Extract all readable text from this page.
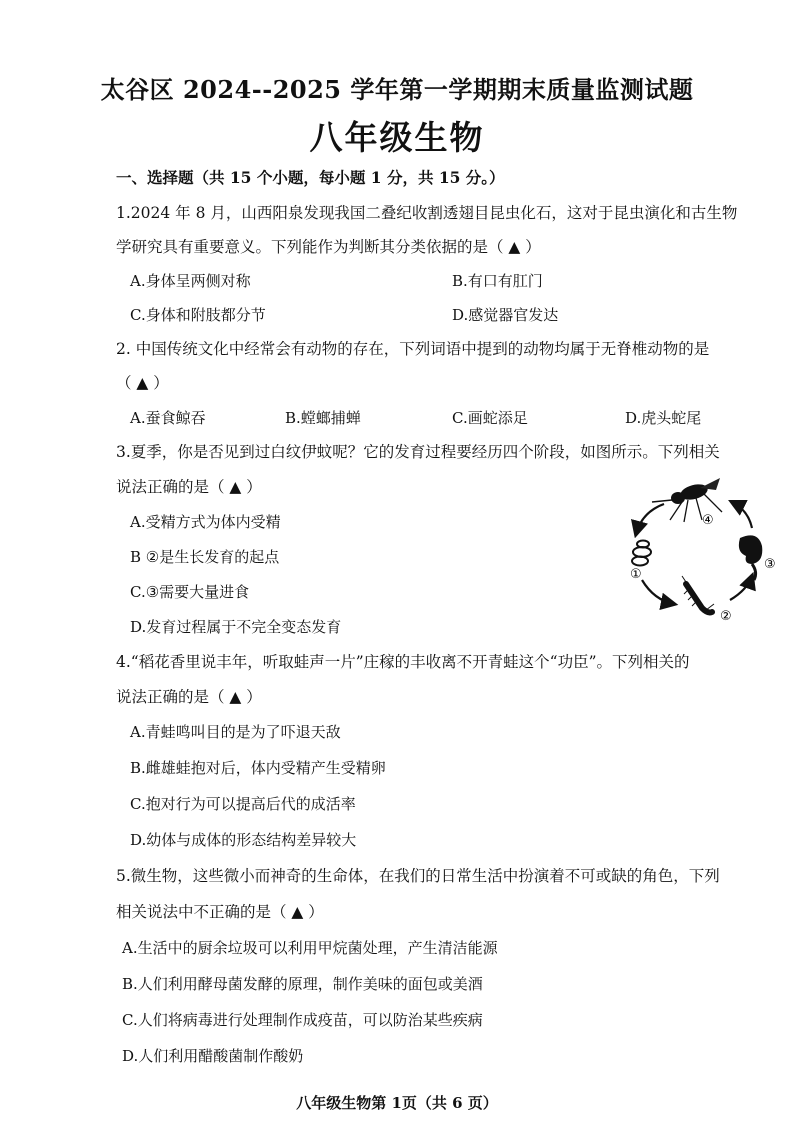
太谷区 2024--2025 学年第一学期期末质量监测试题
八年级生物
一、选择题（共 15 个小题，每小题 1 分，共 15 分。）
1.2024 年 8 月，山西阳泉发现我国二叠纪收割透翅目昆虫化石，这对于昆虫演化和古生物
学研究具有重要意义。下列能作为判断其分类依据的是（ ▲ ）
A.身体呈两侧对称	B.有口有肛门
C.身体和附肢都分节	D.感觉器官发达
2. 中国传统文化中经常会有动物的存在，下列词语中提到的动物均属于无脊椎动物的是
（ ▲ ）
A.蚕食鲸吞	B.螳螂捕蝉	C.画蛇添足	D.虎头蛇尾
3.夏季，你是否见到过白纹伊蚊呢？它的发育过程要经历四个阶段，如图所示。下列相关
说法正确的是（ ▲ ）
A.受精方式为体内受精
B ②是生长发育的起点
C.③需要大量进食
D.发育过程属于不完全变态发育
④
①
②
③
4.“稻花香里说丰年，听取蛙声一片”庄稼的丰收离不开青蛙这个“功臣”。下列相关的
说法正确的是（ ▲ ）
A.青蛙鸣叫目的是为了吓退天敌
B.雌雄蛙抱对后，体内受精产生受精卵
C.抱对行为可以提高后代的成活率
D.幼体与成体的形态结构差异较大
5.微生物，这些微小而神奇的生命体，在我们的日常生活中扮演着不可或缺的角色，下列
相关说法中不正确的是（ ▲ ）
A.生活中的厨余垃圾可以利用甲烷菌处理，产生清洁能源
B.人们利用酵母菌发酵的原理，制作美味的面包或美酒
C.人们将病毒进行处理制作成疫苗，可以防治某些疾病
D.人们利用醋酸菌制作酸奶
八年级生物第 1页（共 6 页）
